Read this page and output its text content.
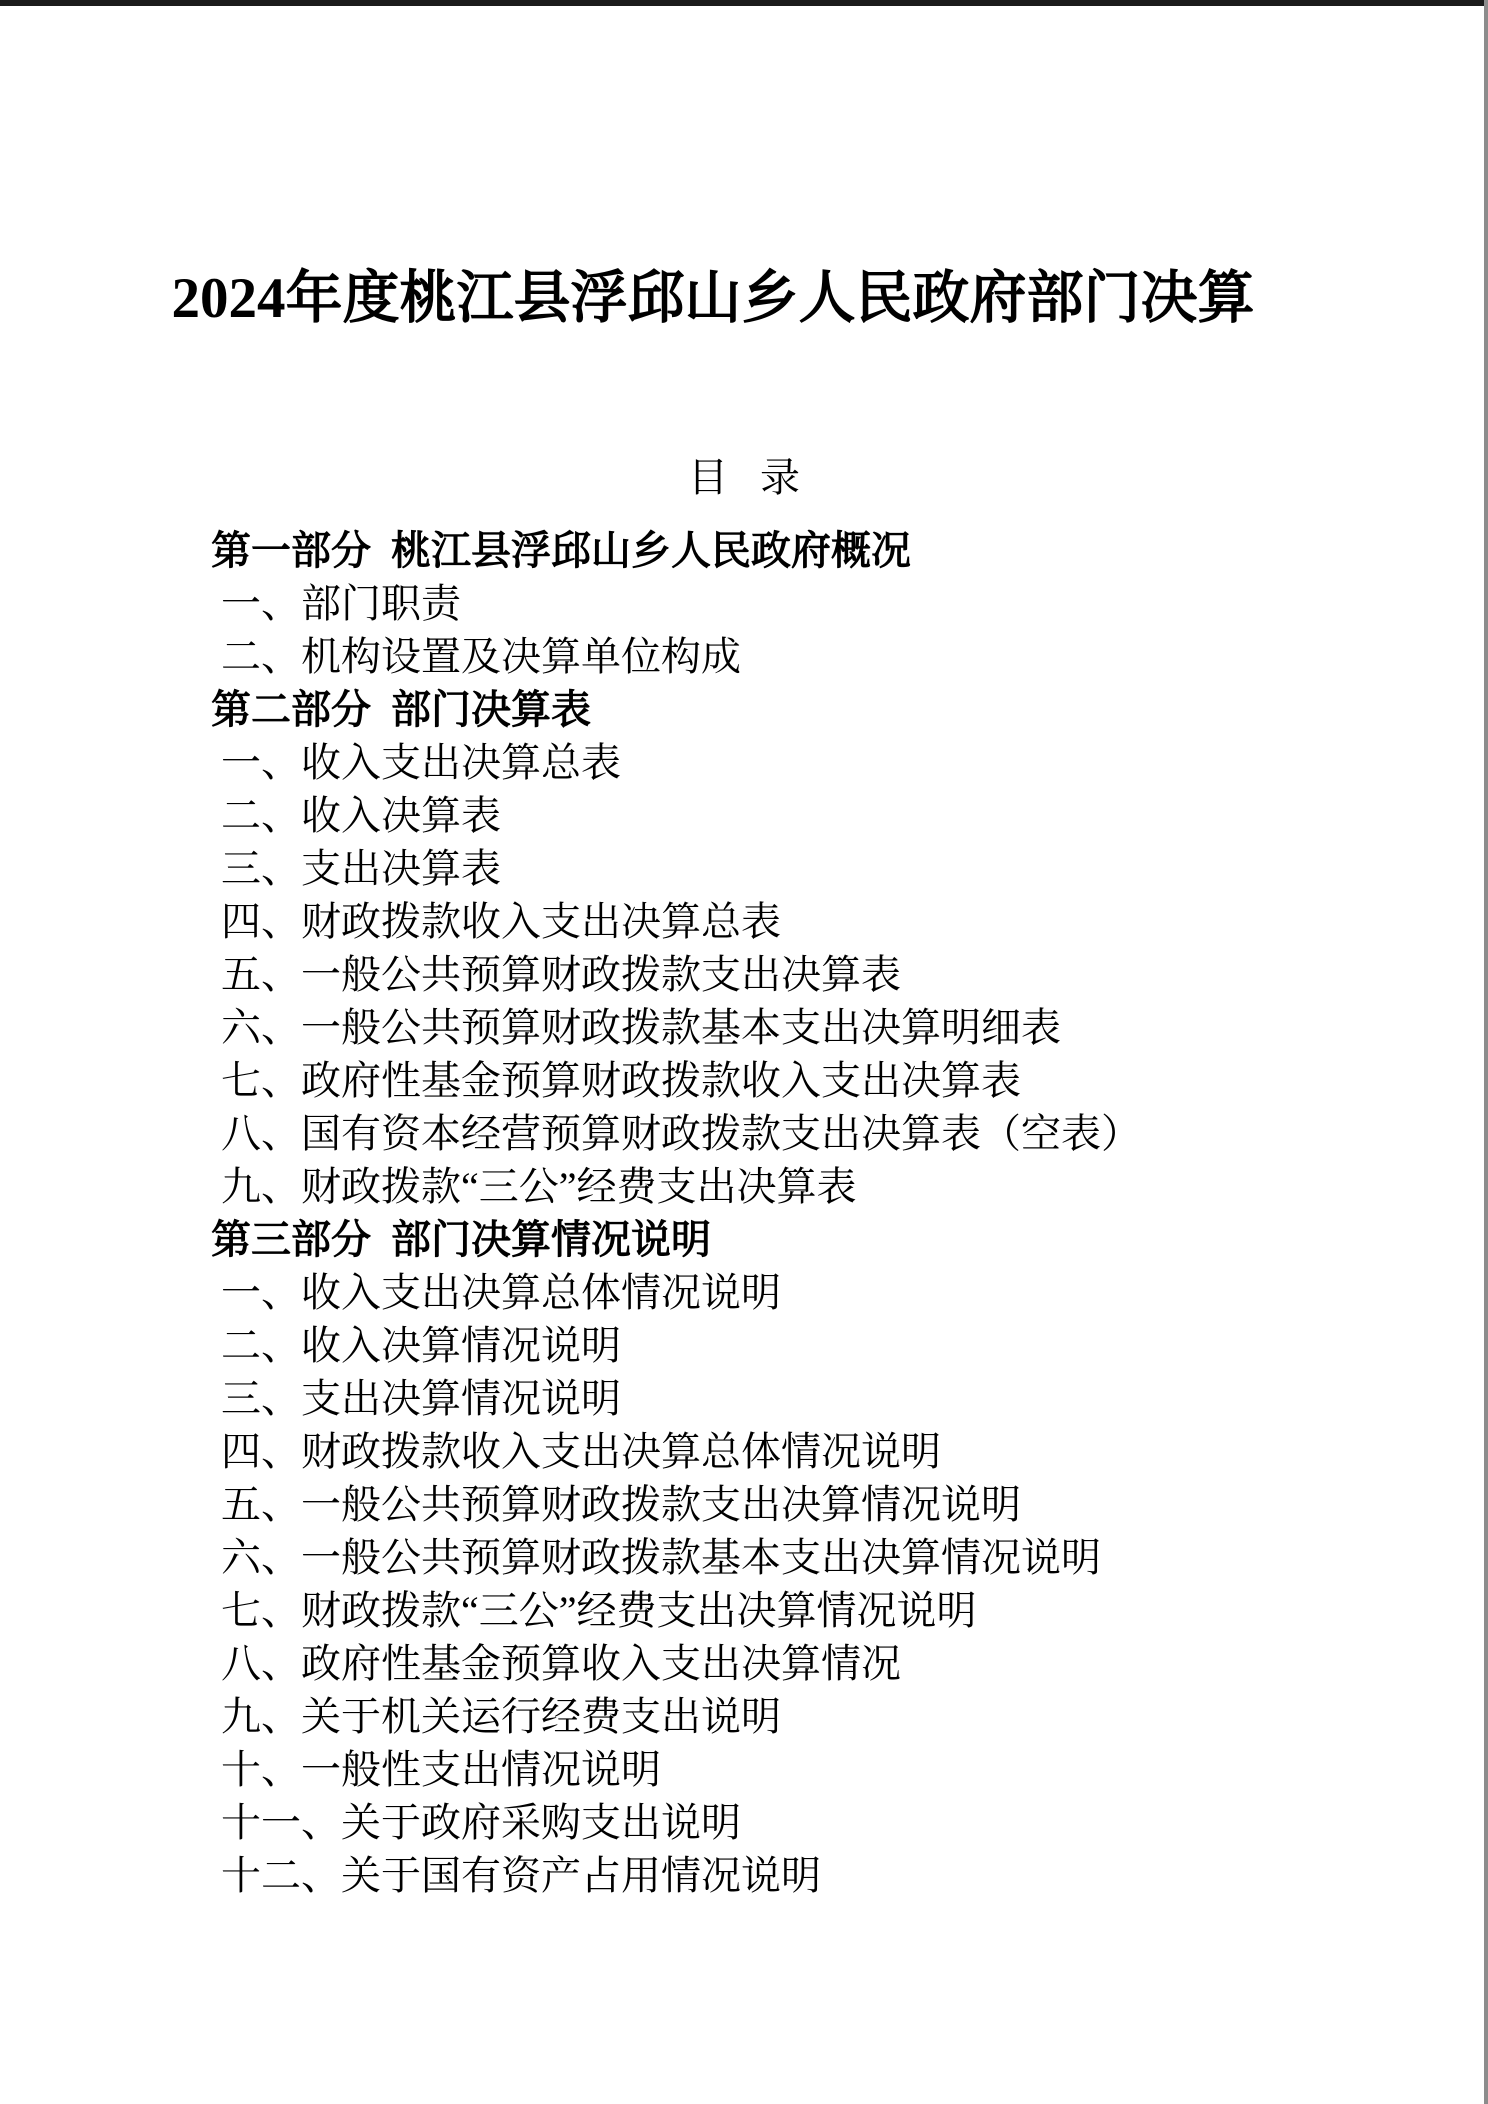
2024年度桃江县浮邱山乡人民政府部门决算
目 录
第一部分  桃江县浮邱山乡人民政府概况
一、部门职责
二、机构设置及决算单位构成
第二部分  部门决算表
一、收入支出决算总表
二、收入决算表
三、支出决算表
四、财政拨款收入支出决算总表
五、一般公共预算财政拨款支出决算表
六、一般公共预算财政拨款基本支出决算明细表
七、政府性基金预算财政拨款收入支出决算表
八、国有资本经营预算财政拨款支出决算表（空表）
九、财政拨款“三公”经费支出决算表
第三部分  部门决算情况说明
一、收入支出决算总体情况说明
二、收入决算情况说明
三、支出决算情况说明
四、财政拨款收入支出决算总体情况说明
五、一般公共预算财政拨款支出决算情况说明
六、一般公共预算财政拨款基本支出决算情况说明
七、财政拨款“三公”经费支出决算情况说明
八、政府性基金预算收入支出决算情况
九、关于机关运行经费支出说明
十、一般性支出情况说明
十一、关于政府采购支出说明
十二、关于国有资产占用情况说明
